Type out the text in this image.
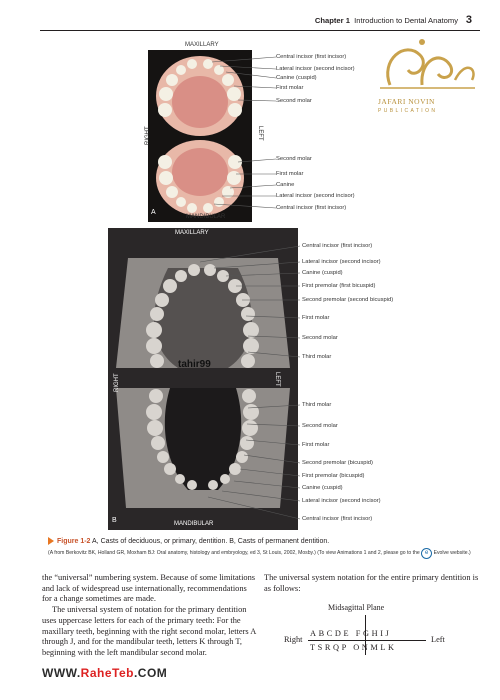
Chapter 1 Introduction to Dental Anatomy 3
JAFARI NOVIN
PUBLICATION
MAXILLARY
A
MANDIBULAR
RIGHT	LEFT
Central incisor (first incisor)
Lateral incisor (second incisor)
Canine (cuspid)
First molar
Second molar
Second molar
First molar
Canine
Lateral incisor (second incisor)
Central incisor (first incisor)
MAXILLARY
MANDIBULAR
RIGHT	LEFT
B
tahir99
Central incisor (first incisor)
Lateral incisor (second incisor)
Canine (cuspid)
First premolar (first bicuspid)
Second premolar (second bicuspid)
First molar
Second molar
Third molar
Third molar
Second molar
First molar
Second premolar (bicuspid)
First premolar (bicuspid)
Canine (cuspid)
Lateral incisor (second incisor)
Central incisor (first incisor)
Figure 1-2 A, Casts of deciduous, or primary, dentition. B, Casts of permanent dentition.
(A from Berkovitz BK, Holland GR, Moxham BJ: Oral anatomy, histology and embryology, ed 3, St Louis, 2002, Mosby.) (To view Animations 1 and 2, please go to the e Evolve website.)

the “universal” numbering system. Because of some limitations and lack of widespread use internationally, recommendations for a change sometimes are made.

The universal system of notation for the primary dentition uses uppercase letters for each of the primary teeth: For the maxillary teeth, beginning with the right second molar, letters A through J, and for the mandibular teeth, letters K through T, beginning with the left mandibular second molar.

The universal system notation for the entire primary dentition is as follows:

Midsagittal Plane
Right
ABCDE FGHIJ
TSRQP ONMLK
Left
WWW.RaheTeb.COM
